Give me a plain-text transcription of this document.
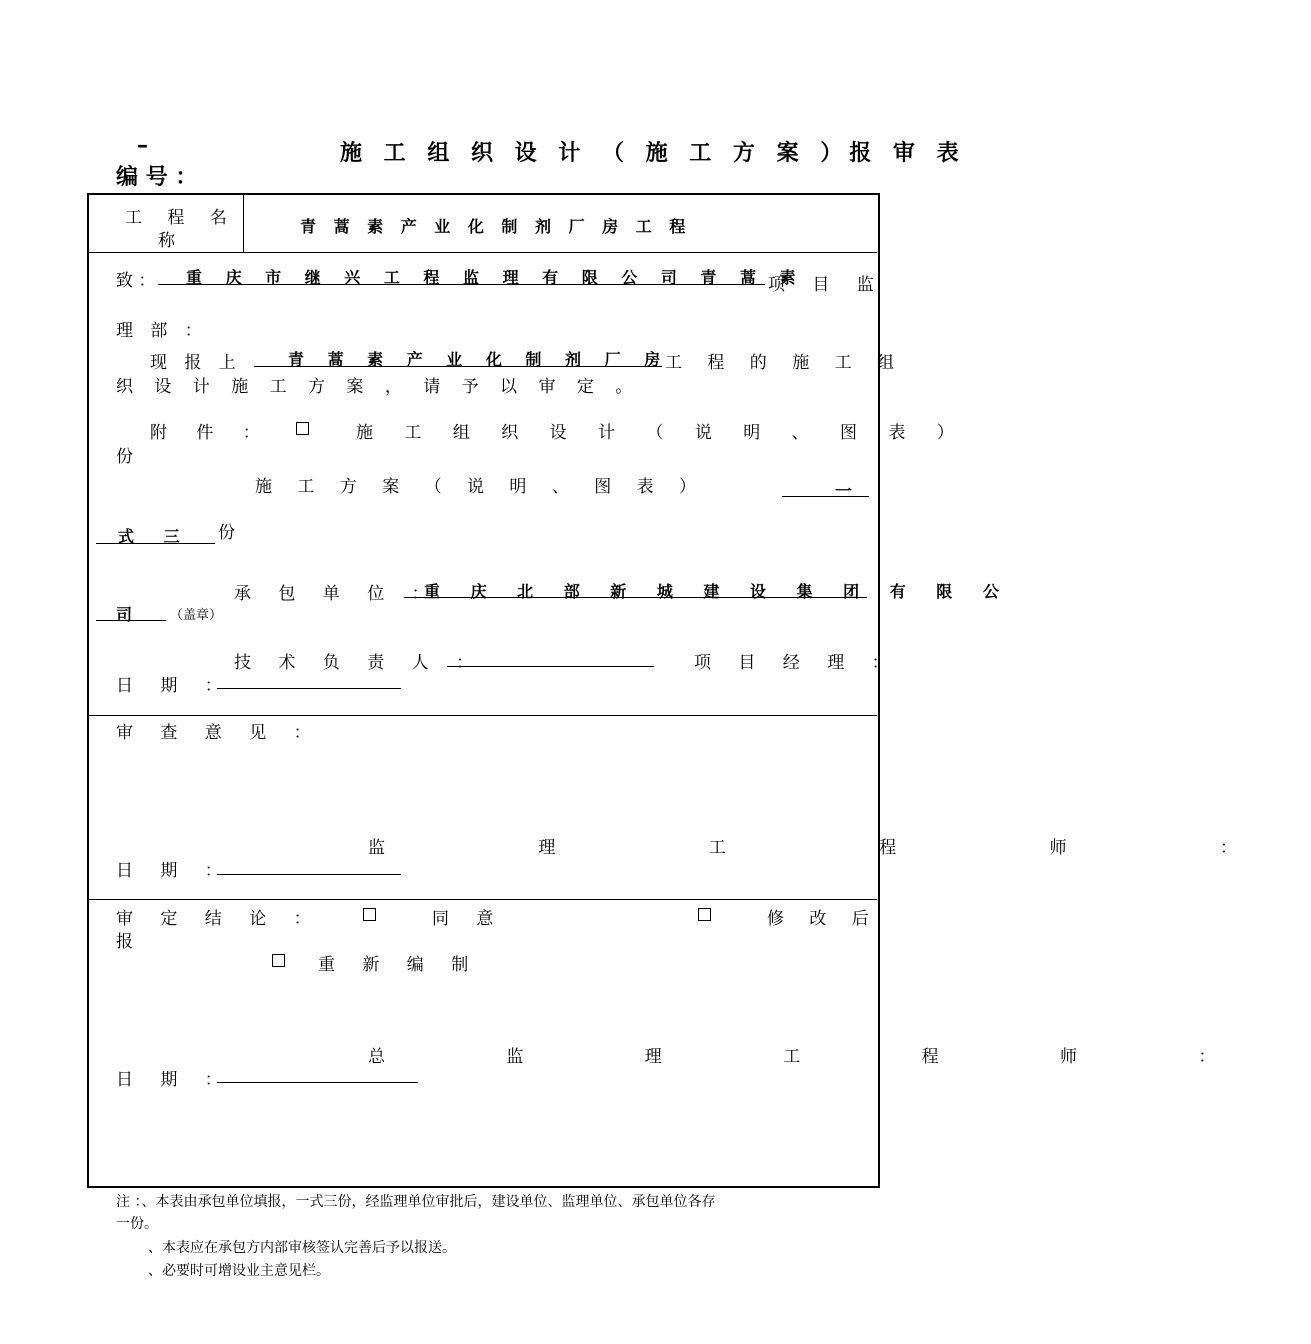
–	施 工 组 织 设 计 （ 施 工 方 案 ）报 审 表
编 号 ：
工 程 名
称
青 蒿 素 产 业 化 制 剂 厂 房 工 程
致 ： 重 庆 市 继 兴 工 程 监 理 有 限 公 司 青 蒿 素
项 目 监
理 部 ：
现 报 上	青 蒿 素 产 业 化 制 剂 厂 房
工 程 的 施 工 组
织 设 计 施 工 方 案 ， 请 予 以 审 定 。
附 件 ：	施 工 组 织 设 计 （ 说 明 、 图 表 ）
份
施 工 方 案 （ 说 明 、 图 表 ）	一
式 三 份
承 包 单 位 ：
重 庆 北 部 新 城 建 设 集 团 有 限 公
司	（盖章）
技 术 负 责 人 ：	项 目 经 理 ：
日 期 ：
审 查 意 见 ：
监 理 工 程 师 ：
日 期 ：
审 定 结 论 ：	同 意	修 改 后
报
重 新 编 制
总 监 理 工 程 师 ：
日 期 ：
注 ：、本表由承包单位填报，一式三份，经监理单位审批后，建设单位、监理单位、承包单位各存
一份。
、本表应在承包方内部审核签认完善后予以报送。
、必要时可增设业主意见栏。
